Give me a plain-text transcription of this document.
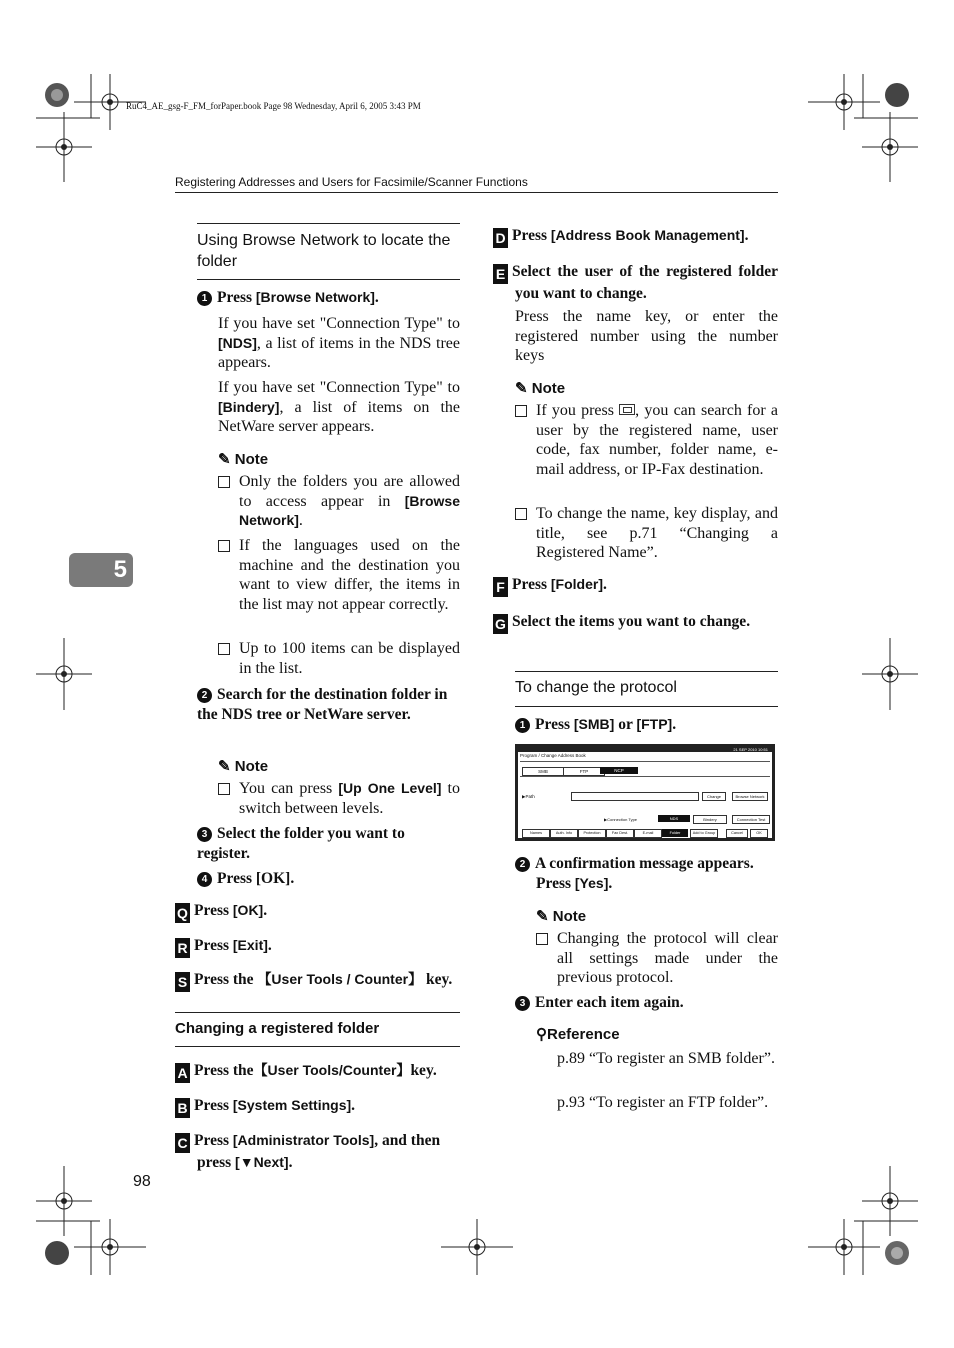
RuC4_AE_gsg-F_FM_forPaper.book Page 98 Wednesday, April 6, 2005 3:43 PM
Registering Addresses and Users for Facsimile/Scanner Functions
5
98
Using Browse Network to locate the folder
1 Press [Browse Network].
If you have set "Connection Type" to [NDS], a list of items in the NDS tree appears.
If you have set "Connection Type" to [Bindery], a list of items on the NetWare server appears.
✎ Note
Only the folders you are allowed to access appear in [Browse Network].
If the languages used on the machine and the destination you want to view differ, the items in the list may not appear correctly.
Up to 100 items can be displayed in the list.
2 Search for the destination folder in the NDS tree or NetWare server.
✎ Note
You can press [Up One Level] to switch between levels.
3 Select the folder you want to register.
4 Press [OK].
Q Press [OK].
R Press [Exit].
S Press the 【User Tools / Counter】 key.
Changing a registered folder
A Press the【User Tools/Counter】key.
B Press [System Settings].
C Press [Administrator Tools], and then press [▼Next].
D Press [Address Book Management].
E Select the user of the registered folder you want to change.
Press the name key, or enter the registered number using the number keys
✎ Note
If you press
, you can search for a user by the registered name, user code, fax number, folder name, e-mail address, or IP-Fax destination.
To change the name, key display, and title, see p.71 “Changing a Registered Name”.
F Press [Folder].
G Select the items you want to change.
To change the protocol
1 Press [SMB] or [FTP].
21 SEP 2010 10:51
Program / Change Address Book
SMB	FTP	NCP
▶Path	Change	Browse Network
▶Connection Type	NDS	Bindery	Connection Test
Names	Auth. Info	Protection	Fax Dest.	E-mail	Folder	Add to Group	Cancel	OK
2 A confirmation message appears. Press [Yes].
✎ Note
Changing the protocol will clear all settings made under the previous protocol.
3 Enter each item again.
⚲Reference
p.89 “To register an SMB folder”.
p.93 “To register an FTP folder”.
